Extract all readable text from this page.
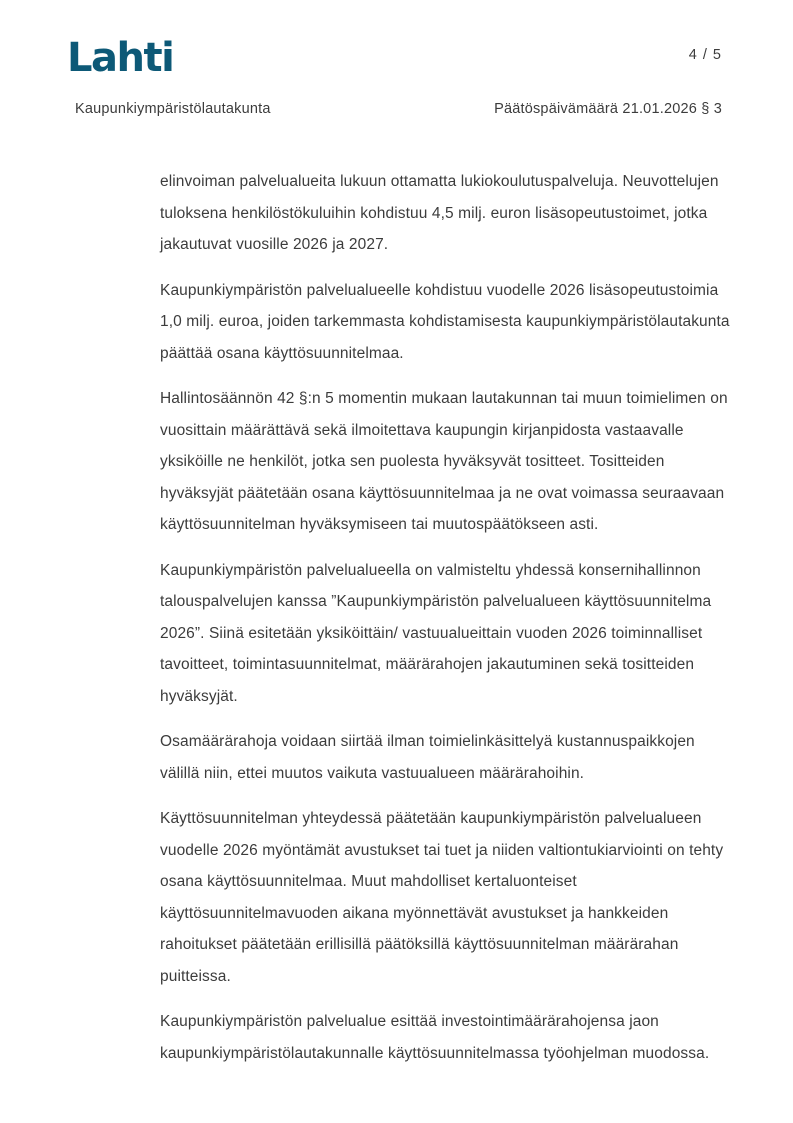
Lahti	4 / 5
Kaupunkiympäristölautakunta	Päätöspäivämäärä 21.01.2026 § 3

elinvoiman palvelualueita lukuun ottamatta lukiokoulutuspalveluja. Neuvottelujen tuloksena henkilöstökuluihin kohdistuu 4,5 milj. euron lisäsopeutustoimet, jotka jakautuvat vuosille 2026 ja 2027.

Kaupunkiympäristön palvelualueelle kohdistuu vuodelle 2026 lisäsopeutustoimia 1,0 milj. euroa, joiden tarkemmasta kohdistamisesta kaupunkiympäristölautakunta päättää osana käyttösuunnitelmaa.

Hallintosäännön 42 §:n 5 momentin mukaan lautakunnan tai muun toimielimen on vuosittain määrättävä sekä ilmoitettava kaupungin kirjanpidosta vastaavalle yksiköille ne henkilöt, jotka sen puolesta hyväksyvät tositteet. Tositteiden hyväksyjät päätetään osana käyttösuunnitelmaa ja ne ovat voimassa seuraavaan käyttösuunnitelman hyväksymiseen tai muutospäätökseen asti.

Kaupunkiympäristön palvelualueella on valmisteltu yhdessä konsernihallinnon talouspalvelujen kanssa ”Kaupunkiympäristön palvelualueen käyttösuunnitelma 2026”. Siinä esitetään yksiköittäin/ vastuualueittain vuoden 2026 toiminnalliset tavoitteet, toimintasuunnitelmat, määrärahojen jakautuminen sekä tositteiden hyväksyjät.

Osamäärärahoja voidaan siirtää ilman toimielinkäsittelyä kustannuspaikkojen välillä niin, ettei muutos vaikuta vastuualueen määrärahoihin.

Käyttösuunnitelman yhteydessä päätetään kaupunkiympäristön palvelualueen vuodelle 2026 myöntämät avustukset tai tuet ja niiden valtiontukiarviointi on tehty osana käyttösuunnitelmaa. Muut mahdolliset kertaluonteiset käyttösuunnitelmavuoden aikana myönnettävät avustukset ja hankkeiden rahoitukset päätetään erillisillä päätöksillä käyttösuunnitelman määrärahan puitteissa.

Kaupunkiympäristön palvelualue esittää investointimäärärahojensa jaon kaupunkiympäristölautakunnalle käyttösuunnitelmassa työohjelman muodossa.
